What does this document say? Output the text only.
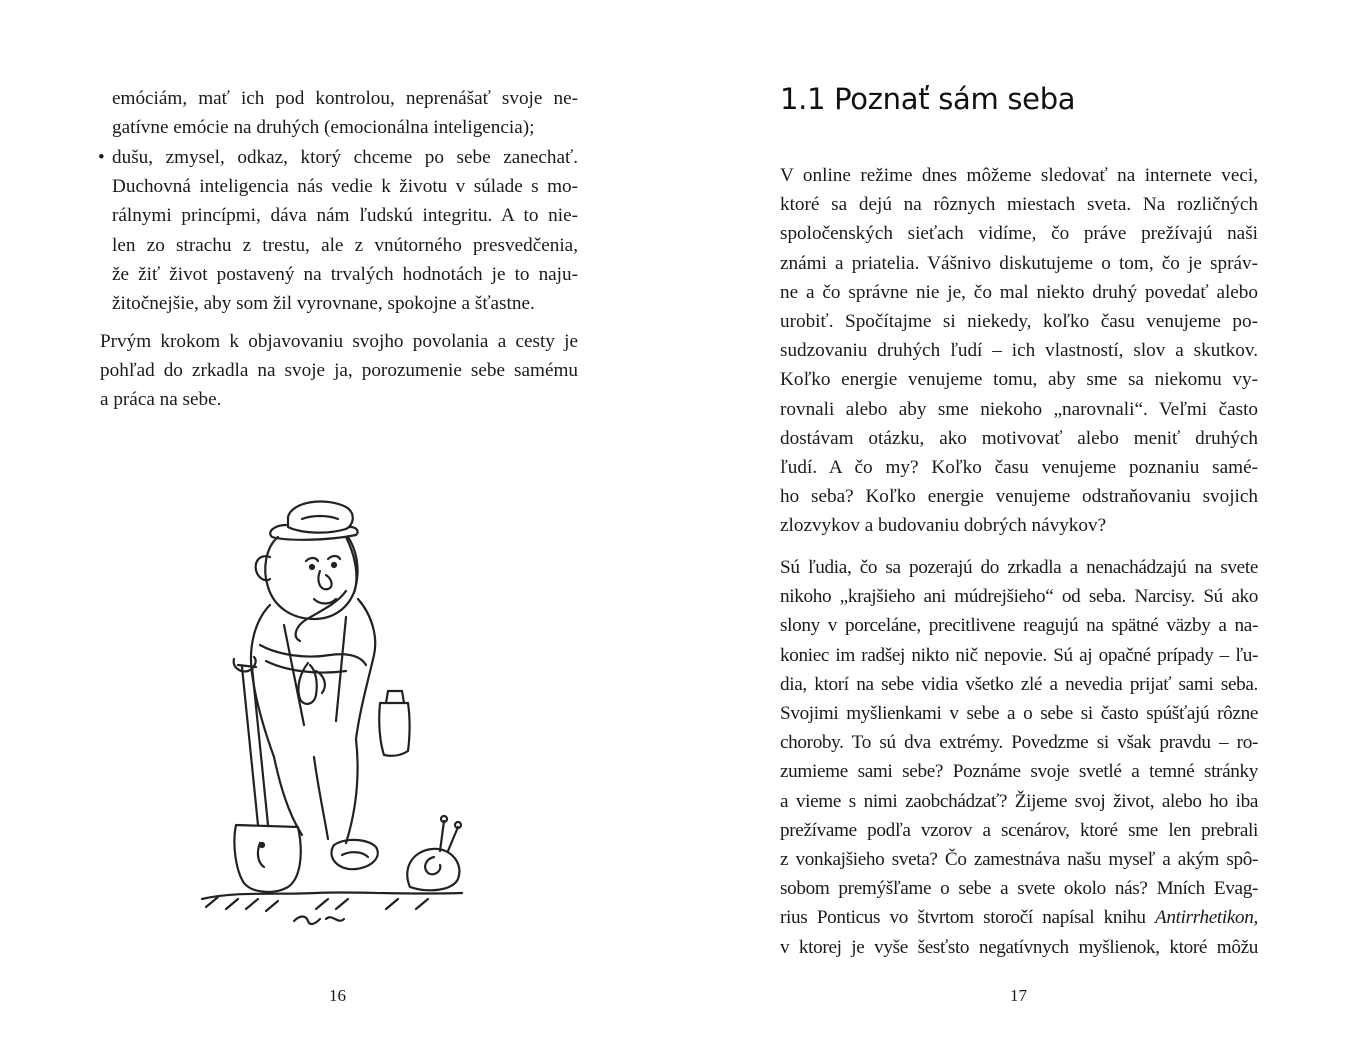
emóciám, mať ich pod kontrolou, neprenášať svoje ne-
gatívne emócie na druhých (emocionálna inteligencia);
• dušu, zmysel, odkaz, ktorý chceme po sebe zanechať.
Duchovná inteligencia nás vedie k životu v súlade s mo-
rálnymi princípmi, dáva nám ľudskú integritu. A to nie-
len zo strachu z trestu, ale z vnútorného presvedčenia,
že žiť život postavený na trvalých hodnotách je to naju-
žitočnejšie, aby som žil vyrovnane, spokojne a šťastne.
Prvým krokom k objavovaniu svojho povolania a cesty je
pohľad do zrkadla na svoje ja, porozumenie sebe samému
a práca na sebe.
16
1.1 Poznať sám seba
V online režime dnes môžeme sledovať na internete veci,
ktoré sa dejú na rôznych miestach sveta. Na rozličných
spoločenských sieťach vidíme, čo práve prežívajú naši
známi a priatelia. Vášnivo diskutujeme o tom, čo je správ-
ne a čo správne nie je, čo mal niekto druhý povedať alebo
urobiť. Spočítajme si niekedy, koľko času venujeme po-
sudzovaniu druhých ľudí – ich vlastností, slov a skutkov.
Koľko energie venujeme tomu, aby sme sa niekomu vy-
rovnali alebo aby sme niekoho „narovnali“. Veľmi často
dostávam otázku, ako motivovať alebo meniť druhých
ľudí. A čo my? Koľko času venujeme poznaniu samé-
ho seba? Koľko energie venujeme odstraňovaniu svojich
zlozvykov a budovaniu dobrých návykov?
Sú ľudia, čo sa pozerajú do zrkadla a nenachádzajú na svete
nikoho „krajšieho ani múdrejšieho“ od seba. Narcisy. Sú ako
slony v porceláne, precitlivene reagujú na spätné väzby a na-
koniec im radšej nikto nič nepovie. Sú aj opačné prípady – ľu-
dia, ktorí na sebe vidia všetko zlé a nevedia prijať sami seba.
Svojimi myšlienkami v sebe a o sebe si často spúšťajú rôzne
choroby. To sú dva extrémy. Povedzme si však pravdu – ro-
zumieme sami sebe? Poznáme svoje svetlé a temné stránky
a vieme s nimi zaobchádzať? Žijeme svoj život, alebo ho iba
prežívame podľa vzorov a scenárov, ktoré sme len prebrali
z vonkajšieho sveta? Čo zamestnáva našu myseľ a akým spô-
sobom premýšľame o sebe a svete okolo nás? Mních Evag-
rius Ponticus vo štvrtom storočí napísal knihu Antirrhetikon,
v ktorej je vyše šesťsto negatívnych myšlienok, ktoré môžu
17
